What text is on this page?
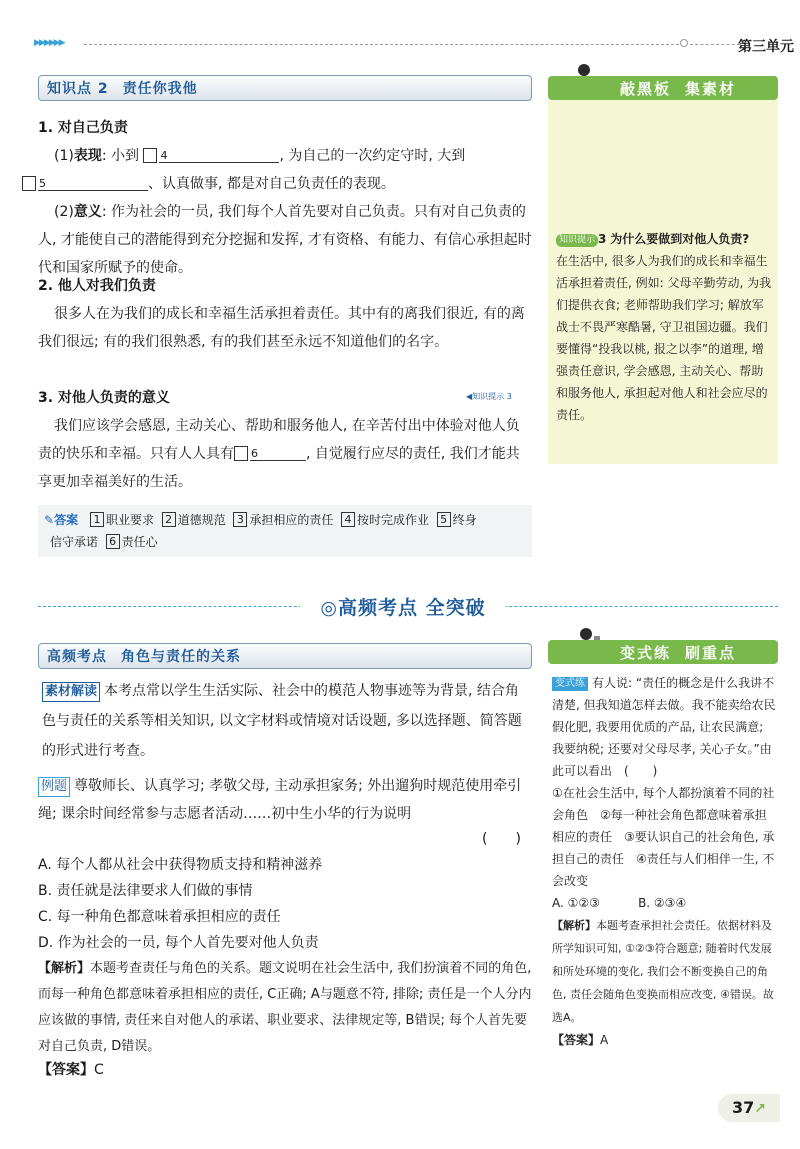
▶▶▶▶▶▶	第三单元
知识点 2 责任你我他
1. 对自己负责
(1)表现: 小到 4	, 为自己的一次约定守时, 大到
5	、认真做事, 都是对自己负责任的表现。
(2)意义: 作为社会的一员, 我们每个人首先要对自己负责。只有对自己负责的人, 才能使自己的潜能得到充分挖掘和发挥, 才有资格、有能力、有信心承担起时代和国家所赋予的使命。
2. 他人对我们负责
很多人在为我们的成长和幸福生活承担着责任。其中有的离我们很近, 有的离我们很远; 有的我们很熟悉, 有的我们甚至永远不知道他们的名字。
3. 对他人负责的意义	◀知识提示 3
我们应该学会感恩, 主动关心、帮助和服务他人, 在辛苦付出中体验对他人负责的快乐和幸福。只有人人具有 6	, 自觉履行应尽的责任, 我们才能共享更加幸福美好的生活。
✎答案	1 职业要求 2 道德规范 3 承担相应的责任 4 按时完成作业 5 终身
信守承诺 6 责任心
敲黑板 集素材
知识提示 3 为什么要做到对他人负责?
在生活中, 很多人为我们的成长和幸福生活承担着责任, 例如: 父母辛勤劳动, 为我们提供衣食; 老师帮助我们学习; 解放军战士不畏严寒酷暑, 守卫祖国边疆。我们要懂得“投我以桃, 报之以李”的道理, 增强责任意识, 学会感恩, 主动关心、帮助和服务他人, 承担起对他人和社会应尽的责任。
◎高频考点 全突破
高频考点 角色与责任的关系
素材解读 本考点常以学生生活实际、社会中的模范人物事迹等为背景, 结合角色与责任的关系等相关知识, 以文字材料或情境对话设题, 多以选择题、简答题的形式进行考查。
例题 尊敬师长、认真学习; 孝敬父母, 主动承担家务; 外出遛狗时规范使用牵引绳; 课余时间经常参与志愿者活动……初中生小华的行为说明
(　　)
A. 每个人都从社会中获得物质支持和精神滋养
B. 责任就是法律要求人们做的事情
C. 每一种角色都意味着承担相应的责任
D. 作为社会的一员, 每个人首先要对他人负责
【解析】本题考查责任与角色的关系。题文说明在社会生活中, 我们扮演着不同的角色, 而每一种角色都意味着承担相应的责任, C正确; A与题意不符, 排除; 责任是一个人分内应该做的事情, 责任来自对他人的承诺、职业要求、法律规定等, B错误; 每个人首先要对自己负责, D错误。
【答案】C
变式练 刷重点
变式练 有人说: “责任的概念是什么我讲不清楚, 但我知道怎样去做。我不能卖给农民假化肥, 我要用优质的产品, 让农民满意; 我要纳税; 还要对父母尽孝, 关心子女。”由此可以看出　(　　)
①在社会生活中, 每个人都扮演着不同的社会角色　②每一种社会角色都意味着承担相应的责任　③要认识自己的社会角色, 承担自己的责任　④责任与人们相伴一生, 不会改变
A. ①②③	B. ②③④
【解析】本题考查承担社会责任。依据材料及所学知识可知, ①②③符合题意; 随着时代发展和所处环境的变化, 我们会不断变换自己的角色, 责任会随角色变换而相应改变, ④错误。故选A。
【答案】A
37↗
